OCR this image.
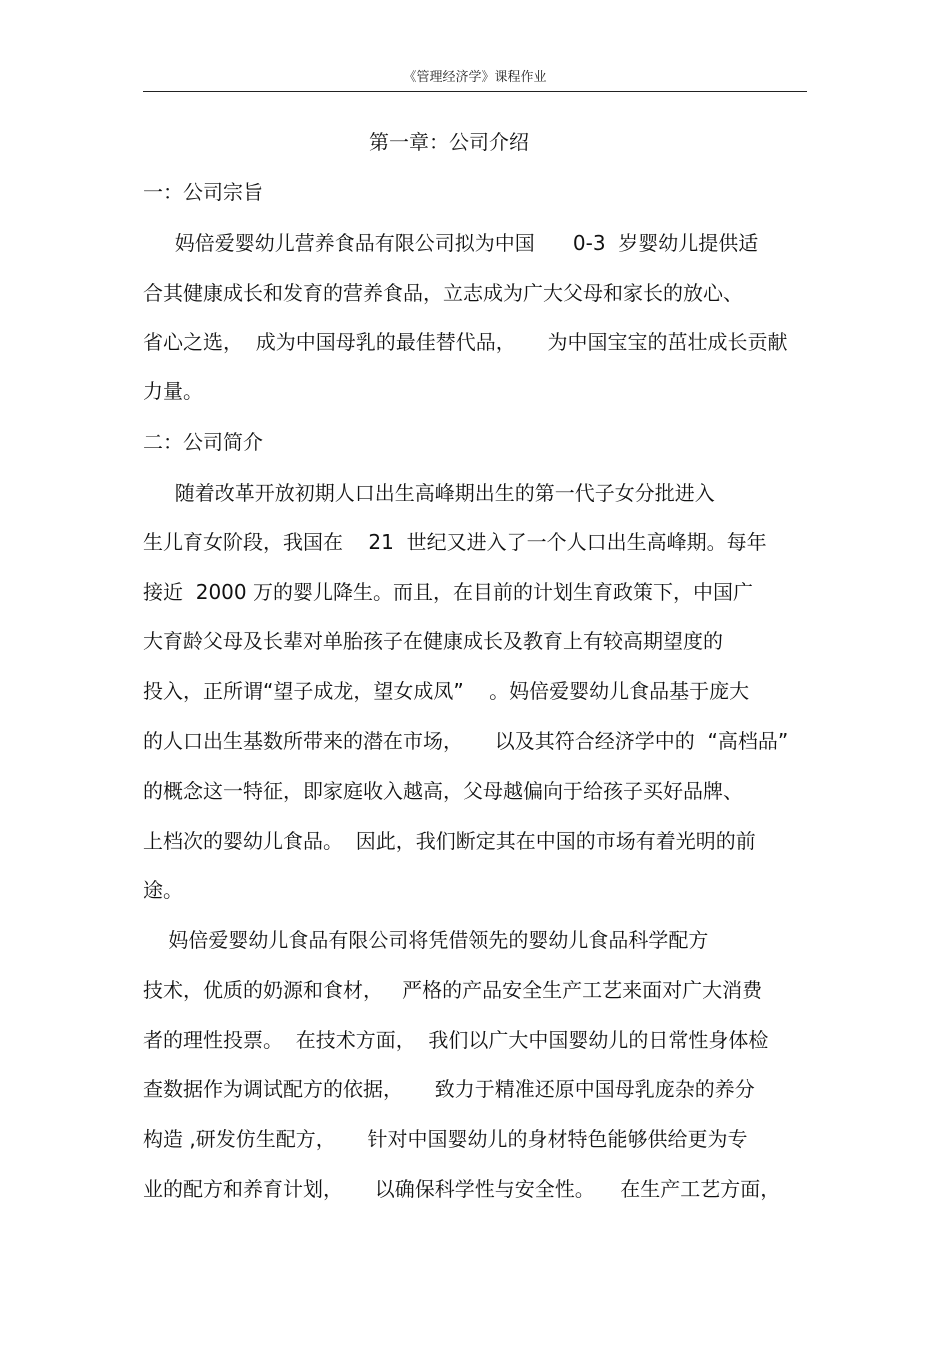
《管理经济学》课程作业
第一章：公司介绍
一：公司宗旨
妈倍爱婴幼儿营养食品有限公司拟为中国      0-3  岁婴幼儿提供适
合其健康成长和发育的营养食品，立志成为广大父母和家长的放心、
省心之选，  成为中国母乳的最佳替代品，     为中国宝宝的茁壮成长贡献
力量。
二：公司简介
随着改革开放初期人口出生高峰期出生的第一代子女分批进入
生儿育女阶段，我国在    21  世纪又进入了一个人口出生高峰期。每年
接近  2000 万的婴儿降生。而且，在目前的计划生育政策下，中国广
大育龄父母及长辈对单胎孩子在健康成长及教育上有较高期望度的
投入，正所谓“望子成龙，望女成凤”    。妈倍爱婴幼儿食品基于庞大
的人口出生基数所带来的潜在市场，     以及其符合经济学中的  “高档品”
的概念这一特征，即家庭收入越高，父母越偏向于给孩子买好品牌、
上档次的婴幼儿食品。  因此，我们断定其在中国的市场有着光明的前
途。
妈倍爱婴幼儿食品有限公司将凭借领先的婴幼儿食品科学配方
技术，优质的奶源和食材，   严格的产品安全生产工艺来面对广大消费
者的理性投票。  在技术方面，  我们以广大中国婴幼儿的日常性身体检
查数据作为调试配方的依据，     致力于精准还原中国母乳庞杂的养分
构造 ,研发仿生配方，     针对中国婴幼儿的身材特色能够供给更为专
业的配方和养育计划，     以确保科学性与安全性。    在生产工艺方面，
